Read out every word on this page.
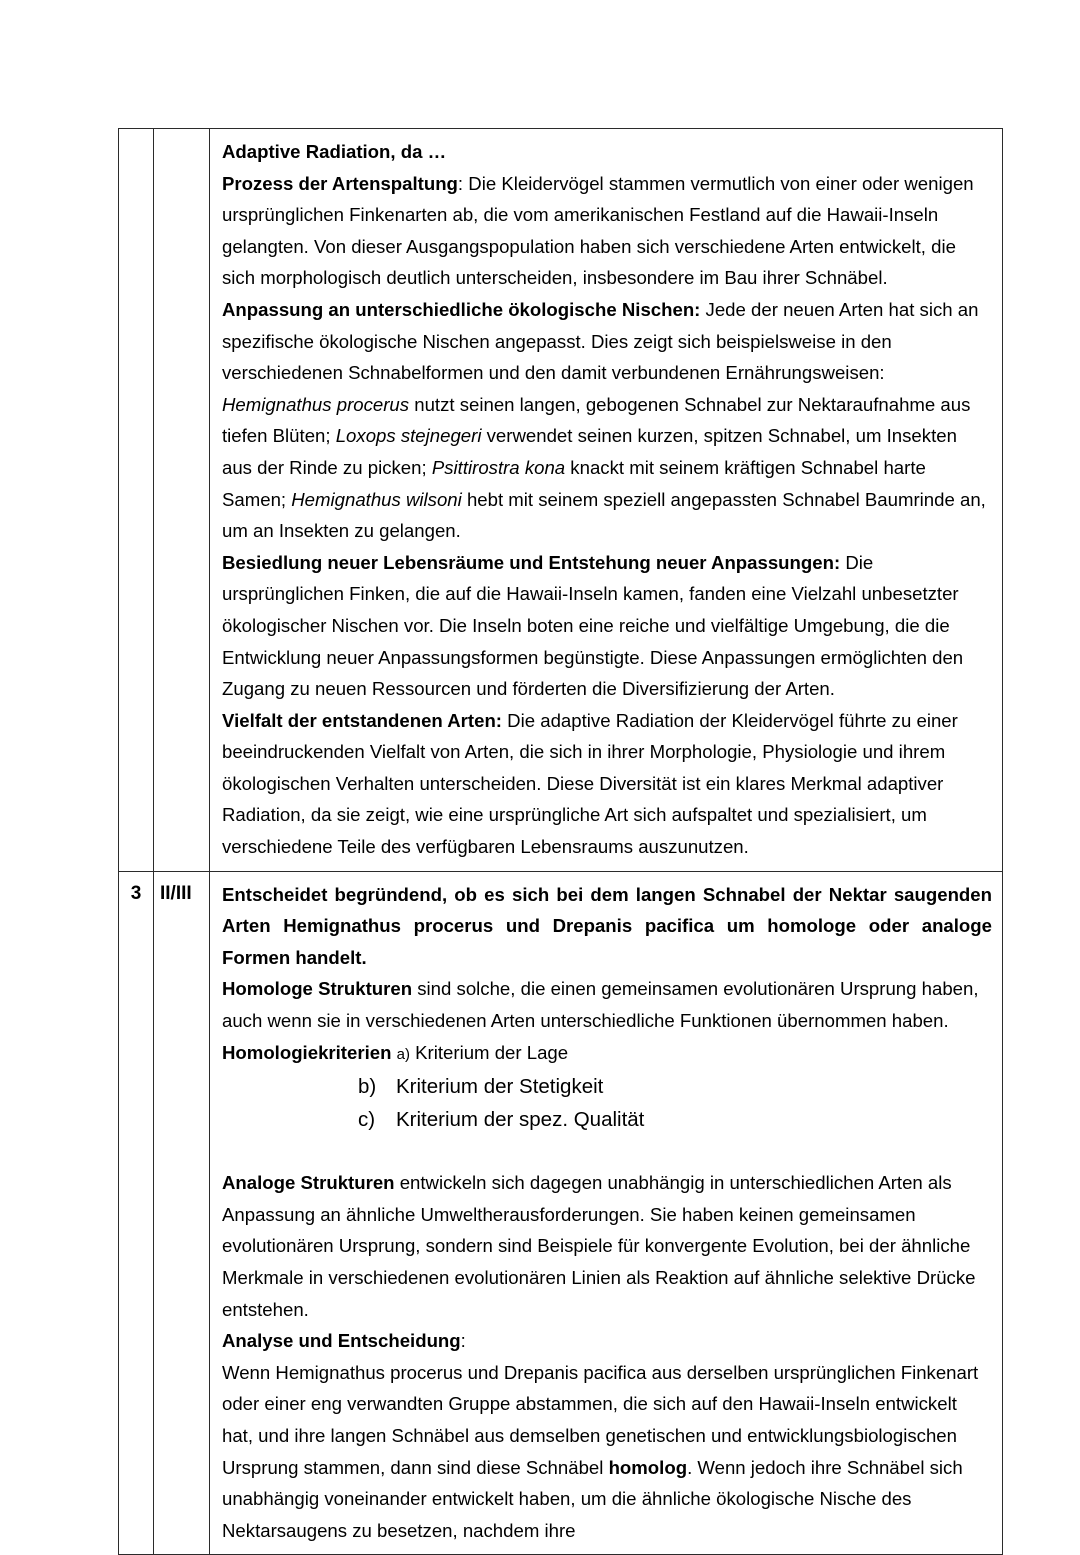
		Adaptive Radiation, da …

Prozess der Artenspaltung: Die Kleidervögel stammen vermutlich von einer oder wenigen ursprünglichen Finkenarten ab, die vom amerikanischen Festland auf die Hawaii-Inseln gelangten. Von dieser Ausgangspopulation haben sich verschiedene Arten entwickelt, die sich morphologisch deutlich unterscheiden, insbesondere im Bau ihrer Schnäbel.

Anpassung an unterschiedliche ökologische Nischen: Jede der neuen Arten hat sich an spezifische ökologische Nischen angepasst. Dies zeigt sich beispielsweise in den verschiedenen Schnabelformen und den damit verbundenen Ernährungsweisen: Hemignathus procerus nutzt seinen langen, gebogenen Schnabel zur Nektaraufnahme aus tiefen Blüten; Loxops stejnegeri verwendet seinen kurzen, spitzen Schnabel, um Insekten aus der Rinde zu picken; Psittirostra kona knackt mit seinem kräftigen Schnabel harte Samen; Hemignathus wilsoni hebt mit seinem speziell angepassten Schnabel Baumrinde an, um an Insekten zu gelangen.

Besiedlung neuer Lebensräume und Entstehung neuer Anpassungen: Die ursprünglichen Finken, die auf die Hawaii-Inseln kamen, fanden eine Vielzahl unbesetzter ökologischer Nischen vor. Die Inseln boten eine reiche und vielfältige Umgebung, die die Entwicklung neuer Anpassungsformen begünstigte. Diese Anpassungen ermöglichten den Zugang zu neuen Ressourcen und förderten die Diversifizierung der Arten.

Vielfalt der entstandenen Arten: Die adaptive Radiation der Kleidervögel führte zu einer beeindruckenden Vielfalt von Arten, die sich in ihrer Morphologie, Physiologie und ihrem ökologischen Verhalten unterscheiden. Diese Diversität ist ein klares Merkmal adaptiver Radiation, da sie zeigt, wie eine ursprüngliche Art sich aufspaltet und spezialisiert, um verschiedene Teile des verfügbaren Lebensraums auszunutzen.

3	II/III	Entscheidet begründend, ob es sich bei dem langen Schnabel der Nektar saugenden Arten Hemignathus procerus und Drepanis pacifica um homologe oder analoge Formen handelt.

Homologe Strukturen sind solche, die einen gemeinsamen evolutionären Ursprung haben, auch wenn sie in verschiedenen Arten unterschiedliche Funktionen übernommen haben.

Homologiekriterien a) Kriterium der Lage

b) Kriterium der Stetigkeit

c) Kriterium der spez. Qualität

Analoge Strukturen entwickeln sich dagegen unabhängig in unterschiedlichen Arten als Anpassung an ähnliche Umweltherausforderungen. Sie haben keinen gemeinsamen evolutionären Ursprung, sondern sind Beispiele für konvergente Evolution, bei der ähnliche Merkmale in verschiedenen evolutionären Linien als Reaktion auf ähnliche selektive Drücke entstehen.

Analyse und Entscheidung:

Wenn Hemignathus procerus und Drepanis pacifica aus derselben ursprünglichen Finkenart oder einer eng verwandten Gruppe abstammen, die sich auf den Hawaii-Inseln entwickelt hat, und ihre langen Schnäbel aus demselben genetischen und entwicklungsbiologischen Ursprung stammen, dann sind diese Schnäbel homolog. Wenn jedoch ihre Schnäbel sich unabhängig voneinander entwickelt haben, um die ähnliche ökologische Nische des Nektarsaugens zu besetzen, nachdem ihre
